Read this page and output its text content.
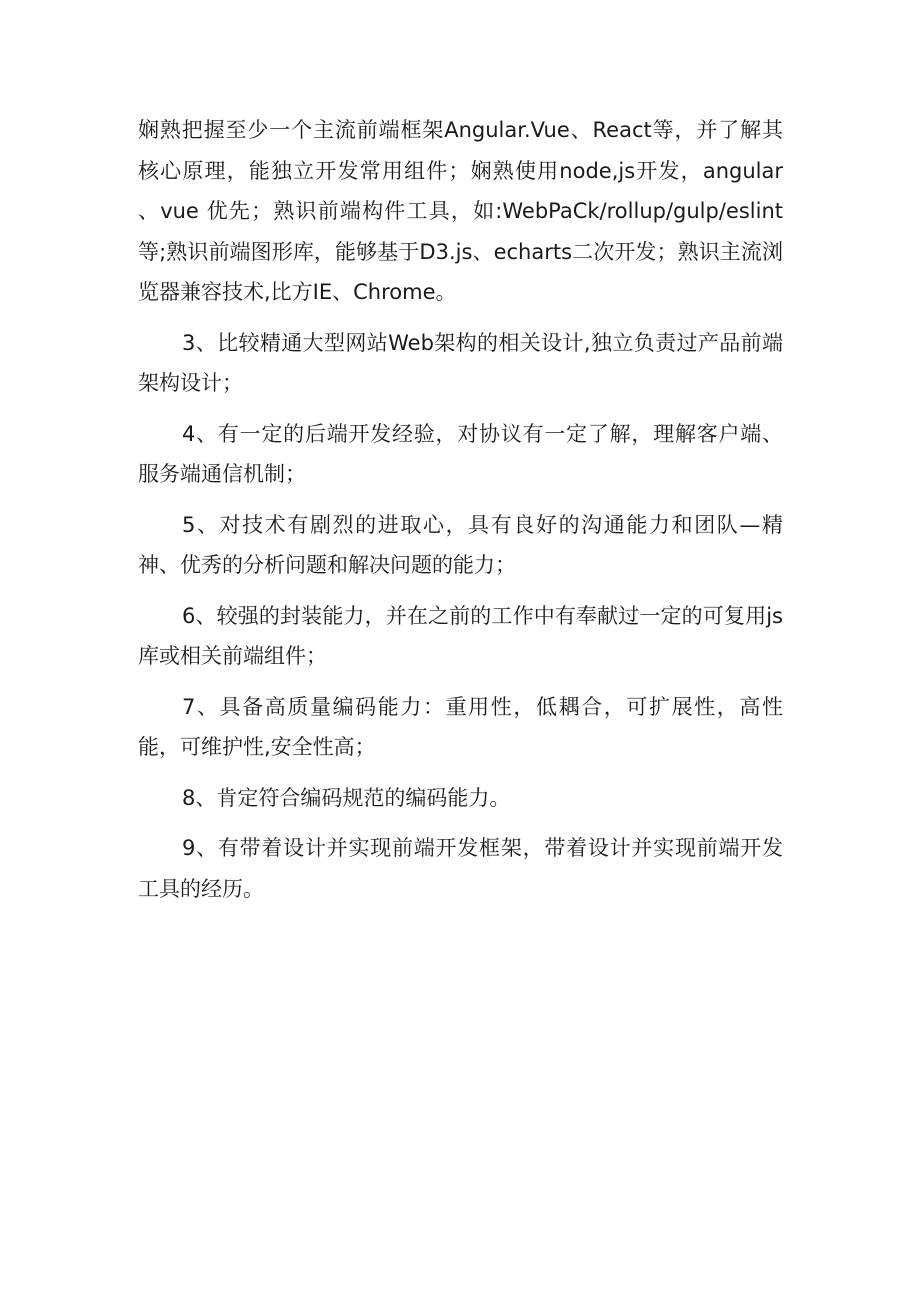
娴熟把握至少一个主流前端框架Angular.Vue、React等，并了解其核心原理，能独立开发常用组件；娴熟使用node,js开发，angular 、vue 优先；熟识前端构件工具，如:WebPaCk/rollup/gulp/eslint等;熟识前端图形库，能够基于D3.js、echarts二次开发；熟识主流浏览器兼容技术,比方IE、Chrome。

3、比较精通大型网站Web架构的相关设计,独立负责过产品前端架构设计；

4、有一定的后端开发经验，对协议有一定了解，理解客户端、服务端通信机制；

5、对技术有剧烈的进取心，具有良好的沟通能力和团队—精神、优秀的分析问题和解决问题的能力；

6、较强的封装能力，并在之前的工作中有奉献过一定的可复用js库或相关前端组件；

7、具备高质量编码能力：重用性，低耦合，可扩展性，高性能，可维护性,安全性高；

8、肯定符合编码规范的编码能力。

9、有带着设计并实现前端开发框架，带着设计并实现前端开发工具的经历。
